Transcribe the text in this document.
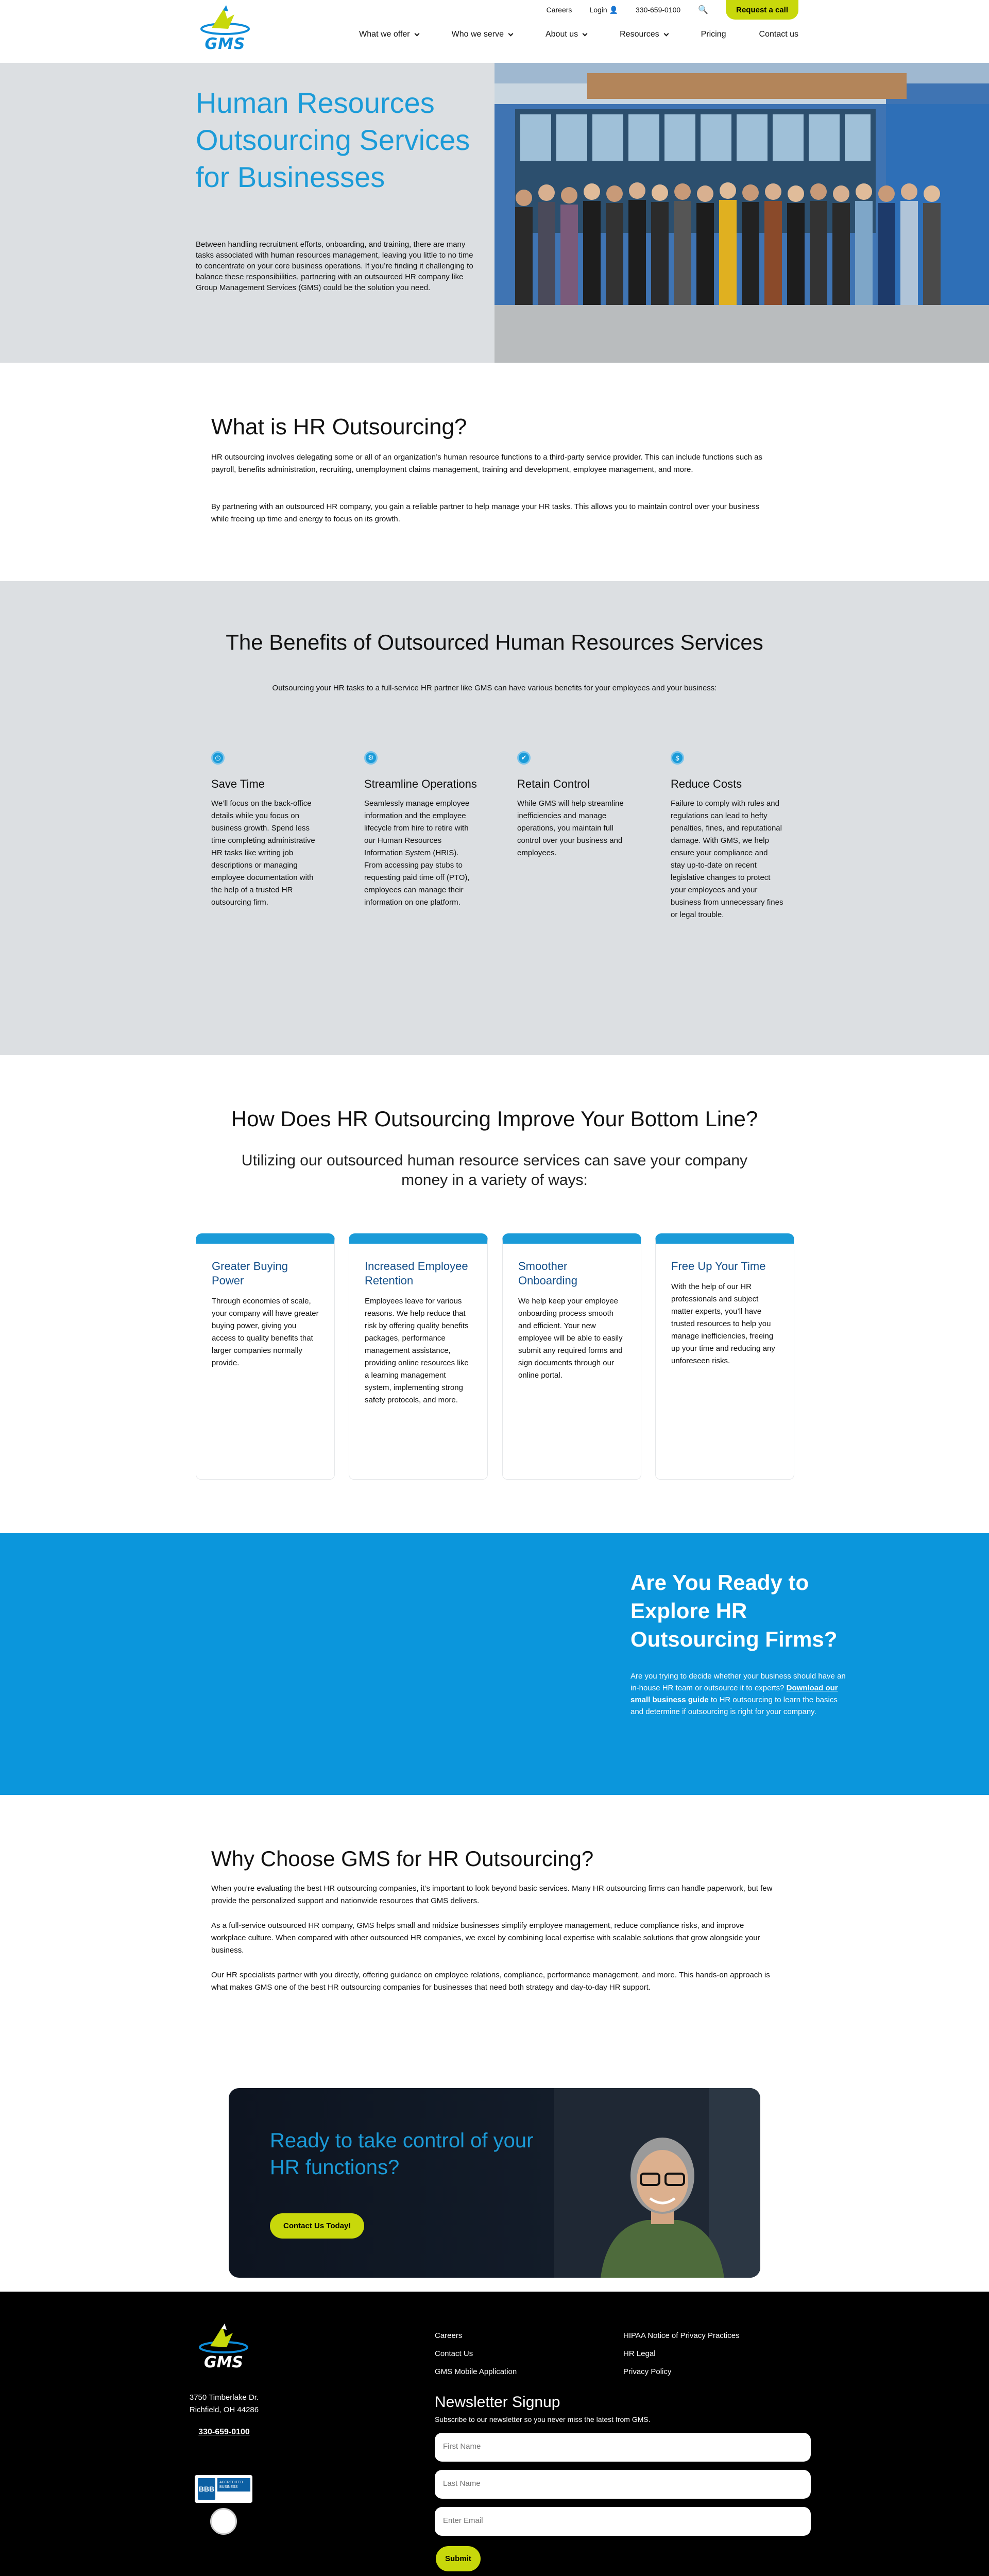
GMS
Careers Login 👤 330-659-0100 🔍	Request a call
What we offer	Who we serve	About us	Resources	Pricing	Contact us
Human Resources Outsourcing Services for Businesses

Between handling recruitment efforts, onboarding, and training, there are many tasks associated with human resources management, leaving you little to no time to concentrate on your core business operations. If you’re finding it challenging to balance these responsibilities, partnering with an outsourced HR company like Group Management Services (GMS) could be the solution you need.

What is HR Outsourcing?

HR outsourcing involves delegating some or all of an organization’s human resource functions to a third-party service provider. This can include functions such as payroll, benefits administration, recruiting, unemployment claims management, training and development, employee management, and more.

By partnering with an outsourced HR company, you gain a reliable partner to help manage your HR tasks. This allows you to maintain control over your business while freeing up time and energy to focus on its growth.

The Benefits of Outsourced Human Resources Services

Outsourcing your HR tasks to a full-service HR partner like GMS can have various benefits for your employees and your business:

◷
Save Time

We’ll focus on the back-office details while you focus on business growth. Spend less time completing administrative HR tasks like writing job descriptions or managing employee documentation with the help of a trusted HR outsourcing firm.

⚙
Streamline Operations

Seamlessly manage employee information and the employee lifecycle from hire to retire with our Human Resources Information System (HRIS). From accessing pay stubs to requesting paid time off (PTO), employees can manage their information on one platform.

✔
Retain Control

While GMS will help streamline inefficiencies and manage operations, you maintain full control over your business and employees.

$
Reduce Costs

Failure to comply with rules and regulations can lead to hefty penalties, fines, and reputational damage. With GMS, we help ensure your compliance and stay up-to-date on recent legislative changes to protect your employees and your business from unnecessary fines or legal trouble.

How Does HR Outsourcing Improve Your Bottom Line?

Utilizing our outsourced human resource services can save your company money in a variety of ways:

Greater Buying Power

Through economies of scale, your company will have greater buying power, giving you access to quality benefits that larger companies normally provide.

Increased Employee Retention

Employees leave for various reasons. We help reduce that risk by offering quality benefits packages, performance management assistance, providing online resources like a learning management system, implementing strong safety protocols, and more.

Smoother Onboarding

We help keep your employee onboarding process smooth and efficient. Your new employee will be able to easily submit any required forms and sign documents through our online portal.

Free Up Your Time

With the help of our HR professionals and subject matter experts, you’ll have trusted resources to help you manage inefficiencies, freeing up your time and reducing any unforeseen risks.

Are You Ready to Explore HR Outsourcing Firms?

Are you trying to decide whether your business should have an in-house HR team or outsource it to experts? Download our small business guide to HR outsourcing to learn the basics and determine if outsourcing is right for your company.

Why Choose GMS for HR Outsourcing?

When you’re evaluating the best HR outsourcing companies, it’s important to look beyond basic services. Many HR outsourcing firms can handle paperwork, but few provide the personalized support and nationwide resources that GMS delivers.

As a full-service outsourced HR company, GMS helps small and midsize businesses simplify employee management, reduce compliance risks, and improve workplace culture. When compared with other outsourced HR companies, we excel by combining local expertise with scalable solutions that grow alongside your business.

Our HR specialists partner with you directly, offering guidance on employee relations, compliance, performance management, and more. This hands-on approach is what makes GMS one of the best HR outsourcing companies for businesses that need both strategy and day-to-day HR support.

Ready to take control of your HR functions?
Contact Us Today!
GMS
3750 Timberlake Dr.
Richfield, OH 44286
330-659-0100
BBB
ACCREDITED BUSINESS
Careers
Contact Us
GMS Mobile Application
HIPAA Notice of Privacy Practices
HR Legal
Privacy Policy
Newsletter Signup

Subscribe to our newsletter so you never miss the latest from GMS.

First Name
Last Name
Enter Email
Submit
